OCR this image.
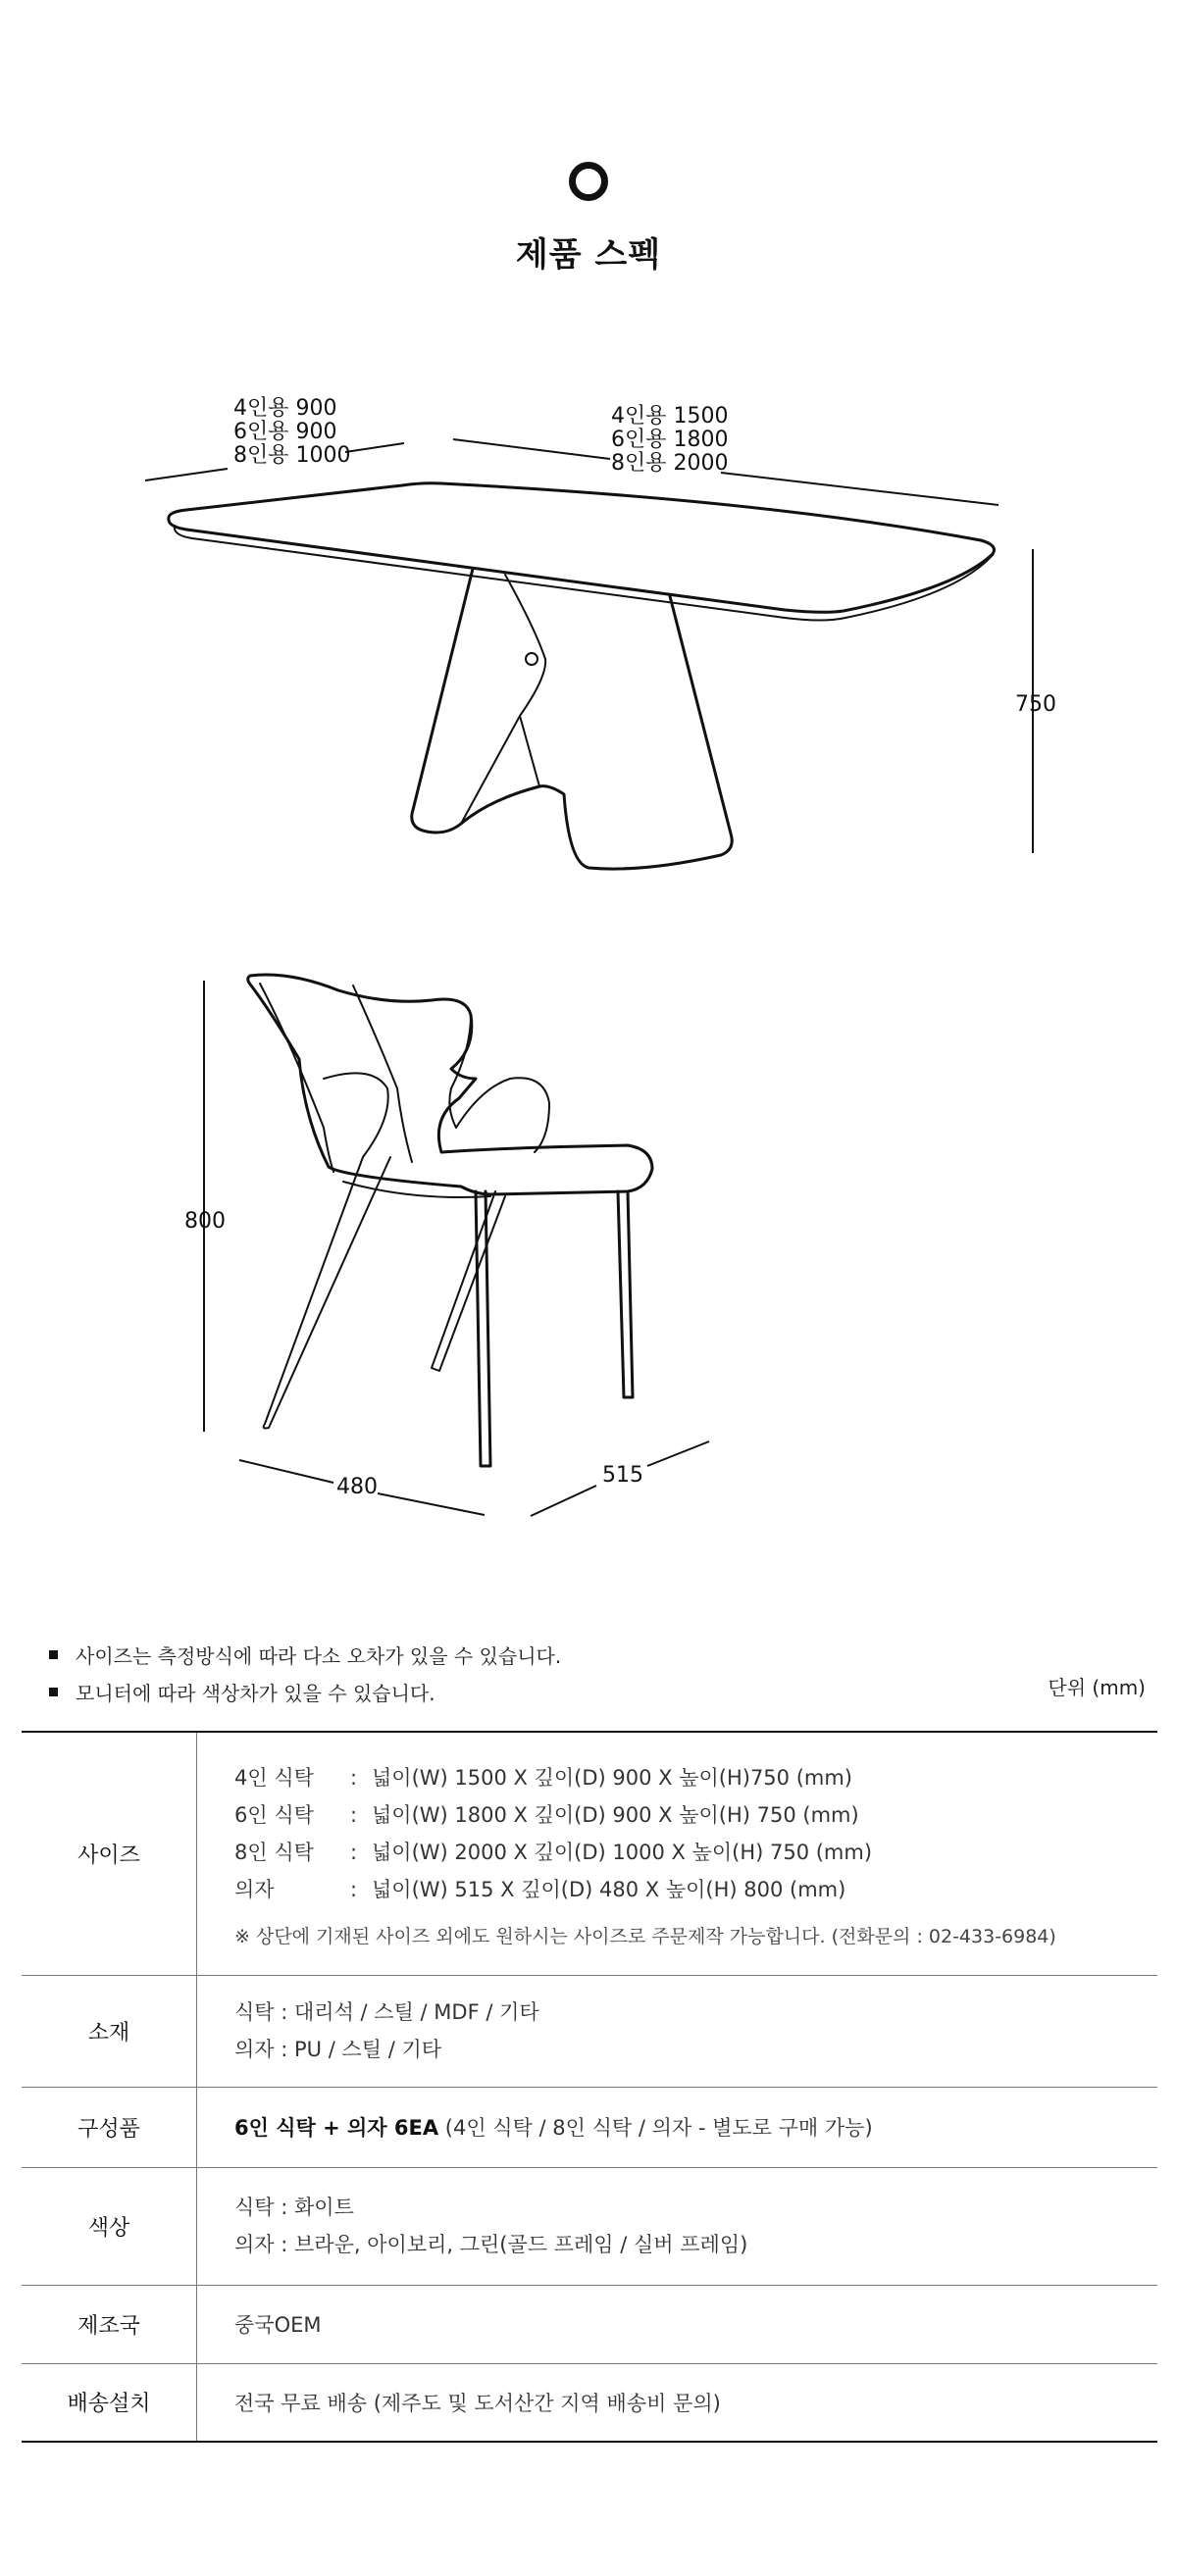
제품 스펙
4인용 900
6인용 900
8인용 1000
4인용 1500
6인용 1800
8인용 2000
750
800
480	515
사이즈는 측정방식에 따라 다소 오차가 있을 수 있습니다.
모니터에 따라 색상차가 있을 수 있습니다.	단위 (mm)
사이즈	4인 식탁 : 넓이(W) 1500 X 깊이(D) 900 X 높이(H)750 (mm)
6인 식탁 : 넓이(W) 1800 X 깊이(D) 900 X 높이(H) 750 (mm)
8인 식탁 : 넓이(W) 2000 X 깊이(D) 1000 X 높이(H) 750 (mm)
의자 : 넓이(W) 515 X 깊이(D) 480 X 높이(H) 800 (mm)
※ 상단에 기재된 사이즈 외에도 원하시는 사이즈로 주문제작 가능합니다. (전화문의 : 02-433-6984)

소재	식탁 : 대리석 / 스틸 / MDF / 기타
의자 : PU / 스틸 / 기타

구성품	6인 식탁 + 의자 6EA (4인 식탁 / 8인 식탁 / 의자 - 별도로 구매 가능)
색상	식탁 : 화이트
의자 : 브라운, 아이보리, 그린(골드 프레임 / 실버 프레임)

제조국	중국OEM
배송설치	전국 무료 배송 (제주도 및 도서산간 지역 배송비 문의)
